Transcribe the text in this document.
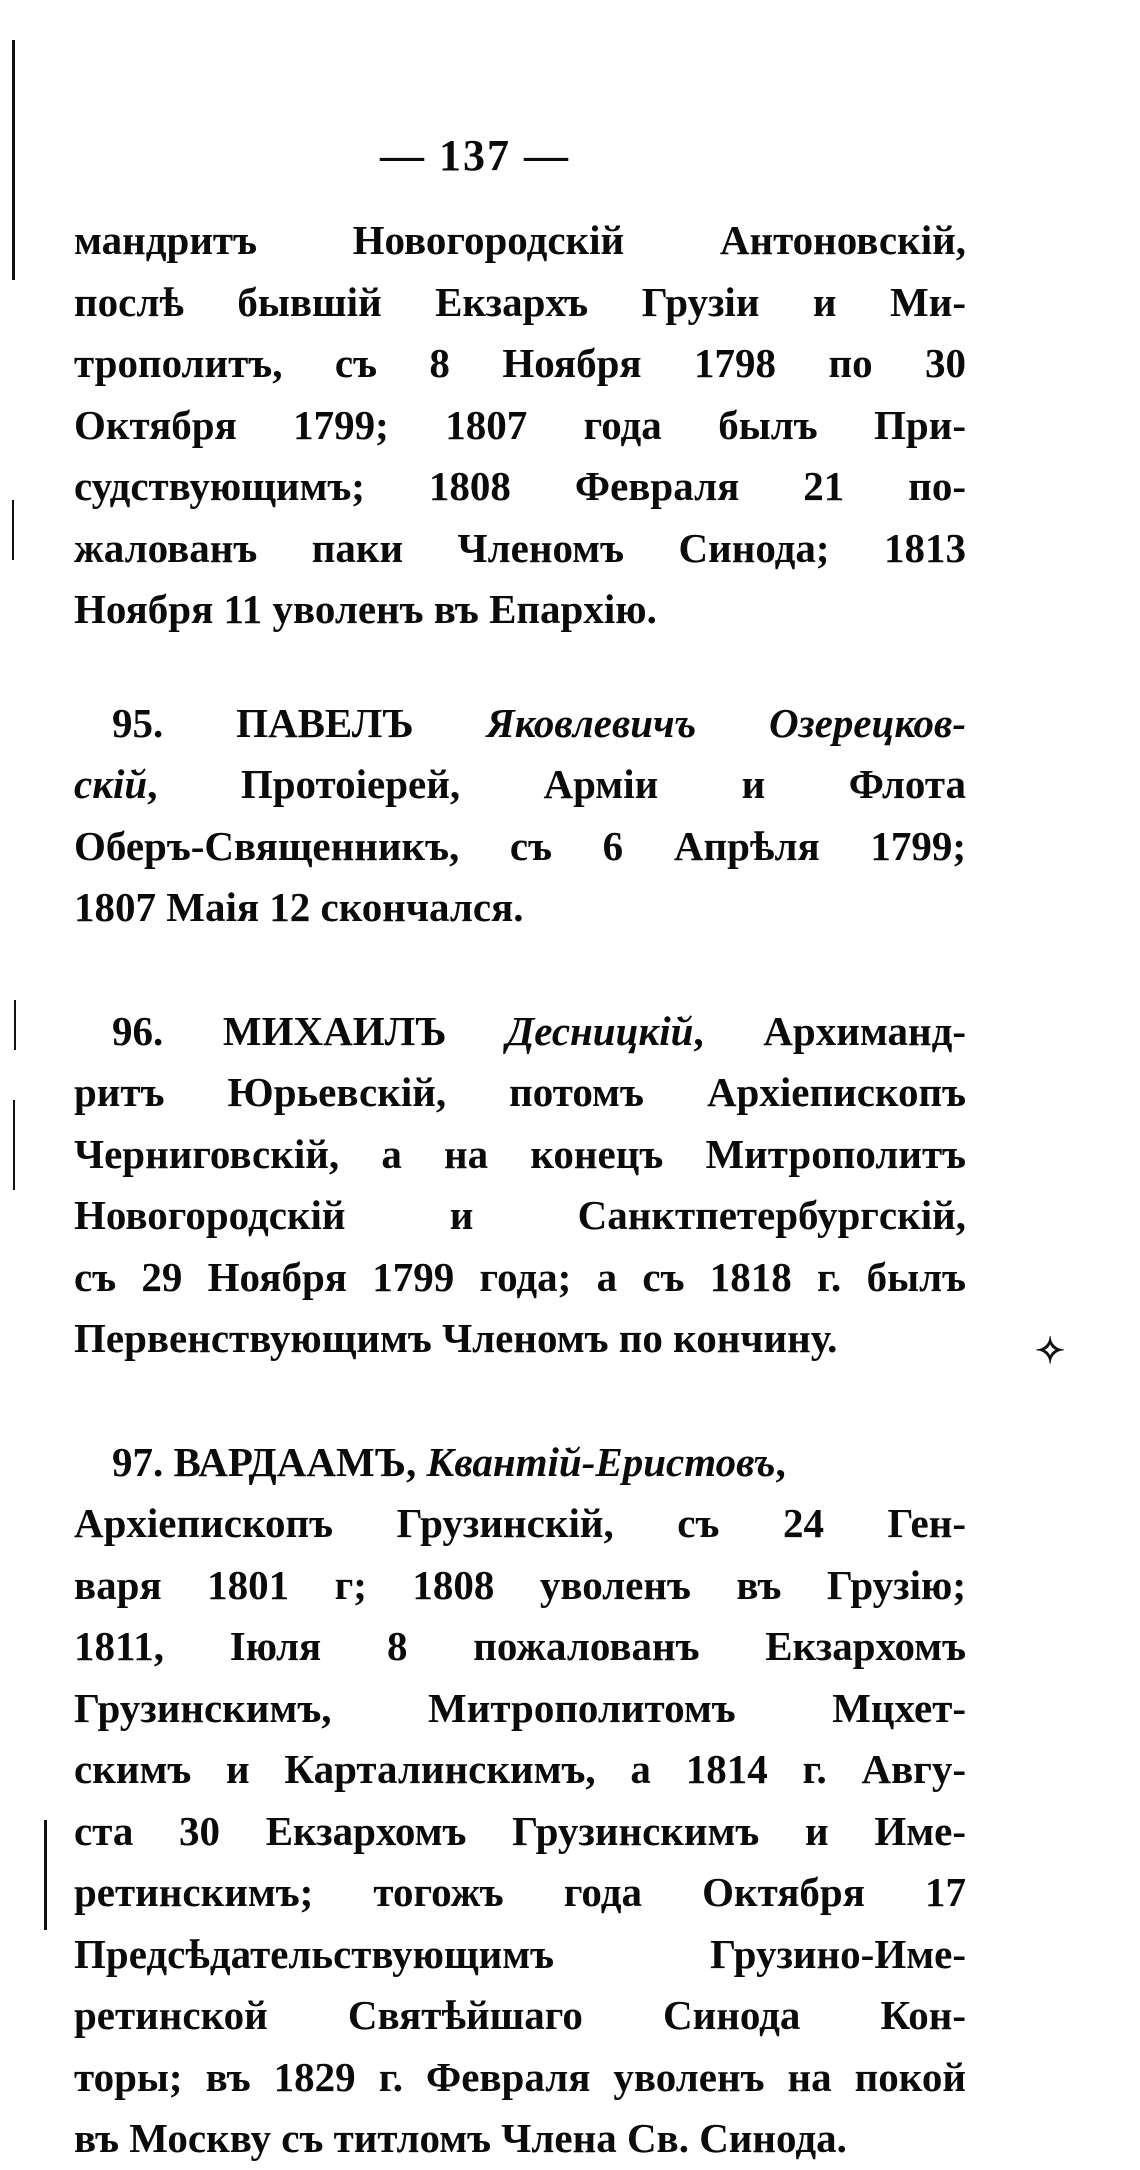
✧
— 137 —
мандритъ Новогородскій Антоновскій,
послѣ бывшій Екзархъ Грузіи и Ми-
трополитъ, съ 8 Ноября 1798 по 30
Октября 1799; 1807 года былъ При-
судствующимъ; 1808 Февраля 21 по-
жалованъ паки Членомъ Синода; 1813
Ноября 11 уволенъ въ Епархію.
95. ПАВЕЛЪ Яковлевичъ Озерецков-
скій, Протоіерей, Арміи и Флота
Оберъ-Священникъ, съ 6 Апрѣля 1799;
1807 Маія 12 скончался.
96. МИХАИЛЪ Десницкій, Архиманд-
ритъ Юрьевскій, потомъ Архіепископъ
Черниговскій, а на конецъ Митрополитъ
Новогородскій и Санктпетербургскій,
съ 29 Ноября 1799 года; а съ 1818 г. былъ
Первенствующимъ Членомъ по кончину.
97. ВАРДААМЪ, Квантій-Еристовъ,
Архіепископъ Грузинскій, съ 24 Ген-
варя 1801 г; 1808 уволенъ въ Грузію;
1811, Іюля 8 пожалованъ Екзархомъ
Грузинскимъ, Митрополитомъ Мцхет-
скимъ и Карталинскимъ, а 1814 г. Авгу-
ста 30 Екзархомъ Грузинскимъ и Име-
ретинскимъ; тогожъ года Октября 17
Предсѣдательствующимъ Грузино-Име-
ретинской Святѣйшаго Синода Кон-
торы; въ 1829 г. Февраля уволенъ на покой
въ Москву съ титломъ Члена Св. Синода.
